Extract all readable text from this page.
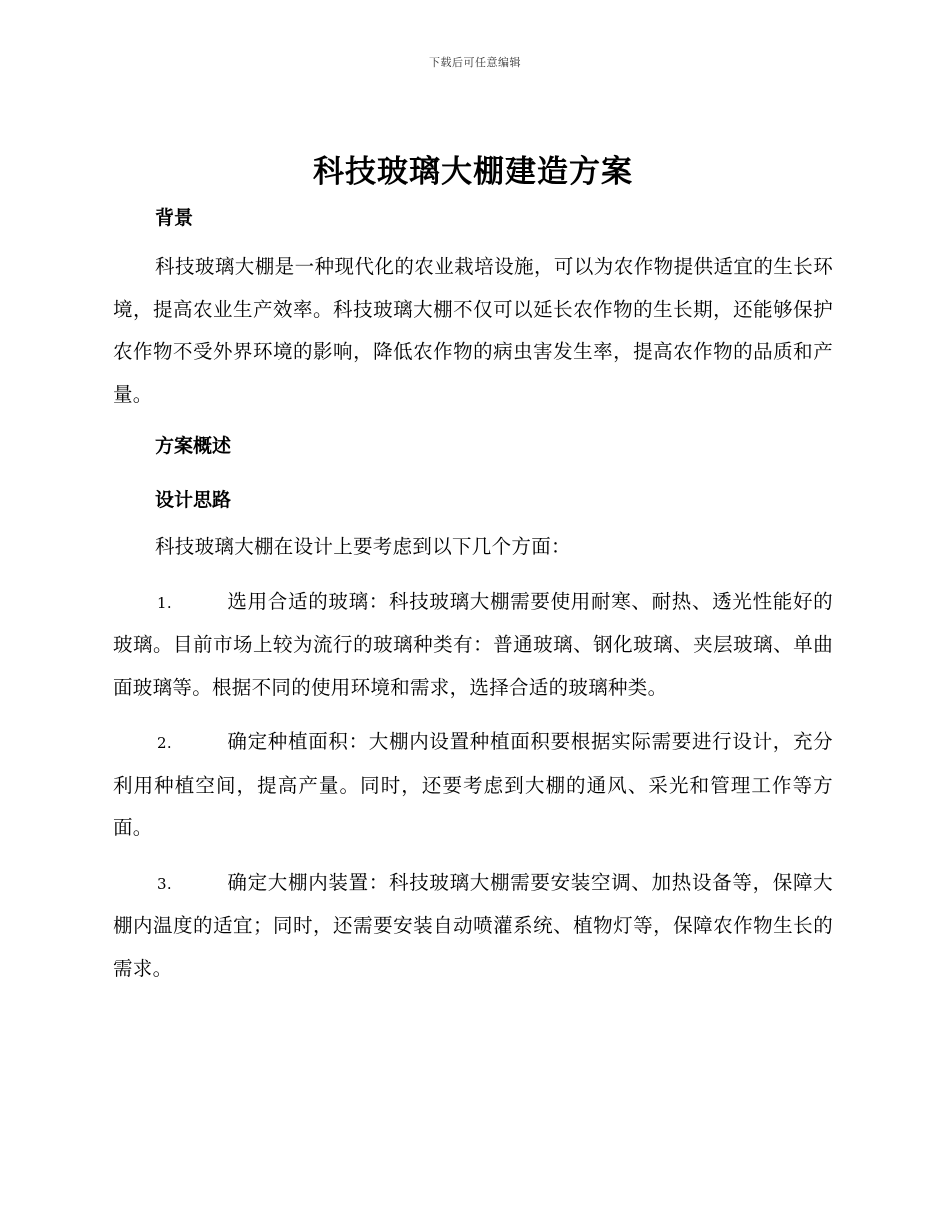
下载后可任意编辑
科技玻璃大棚建造方案
背景

科技玻璃大棚是一种现代化的农业栽培设施，可以为农作物提供适宜的生长环境，提高农业生产效率。科技玻璃大棚不仅可以延长农作物的生长期，还能够保护农作物不受外界环境的影响，降低农作物的病虫害发生率，提高农作物的品质和产量。

方案概述
设计思路

科技玻璃大棚在设计上要考虑到以下几个方面：

1.	选用合适的玻璃：科技玻璃大棚需要使用耐寒、耐热、透光性能好的玻璃。目前市场上较为流行的玻璃种类有：普通玻璃、钢化玻璃、夹层玻璃、单曲面玻璃等。根据不同的使用环境和需求，选择合适的玻璃种类。

2.	确定种植面积：大棚内设置种植面积要根据实际需要进行设计，充分利用种植空间，提高产量。同时，还要考虑到大棚的通风、采光和管理工作等方面。

3.	确定大棚内装置：科技玻璃大棚需要安装空调、加热设备等，保障大棚内温度的适宜；同时，还需要安装自动喷灌系统、植物灯等，保障农作物生长的需求。
